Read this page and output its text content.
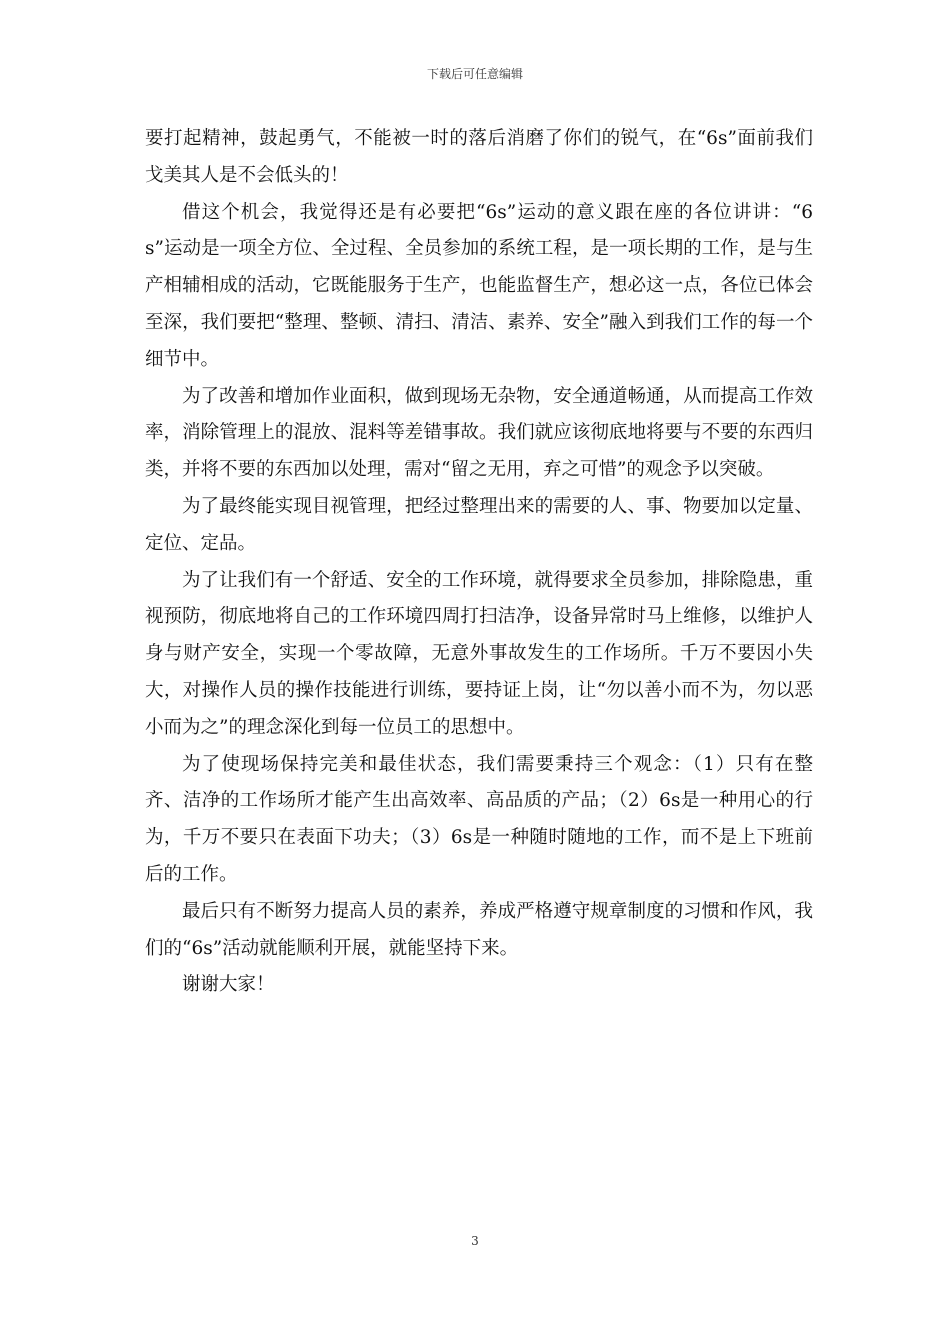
下载后可任意编辑

要打起精神，鼓起勇气，不能被一时的落后消磨了你们的锐气，在“6s”面前我们戈美其人是不会低头的！

借这个机会，我觉得还是有必要把“6s”运动的意义跟在座的各位讲讲：“6s”运动是一项全方位、全过程、全员参加的系统工程，是一项长期的工作，是与生产相辅相成的活动，它既能服务于生产，也能监督生产，想必这一点，各位已体会至深，我们要把“整理、整顿、清扫、清洁、素养、安全”融入到我们工作的每一个细节中。

为了改善和增加作业面积，做到现场无杂物，安全通道畅通，从而提高工作效率，消除管理上的混放、混料等差错事故。我们就应该彻底地将要与不要的东西归类，并将不要的东西加以处理，需对“留之无用，弃之可惜”的观念予以突破。

为了最终能实现目视管理，把经过整理出来的需要的人、事、物要加以定量、定位、定品。

为了让我们有一个舒适、安全的工作环境，就得要求全员参加，排除隐患，重视预防，彻底地将自己的工作环境四周打扫洁净，设备异常时马上维修，以维护人身与财产安全，实现一个零故障，无意外事故发生的工作场所。千万不要因小失大，对操作人员的操作技能进行训练，要持证上岗，让“勿以善小而不为，勿以恶小而为之”的理念深化到每一位员工的思想中。

为了使现场保持完美和最佳状态，我们需要秉持三个观念：（1）只有在整齐、洁净的工作场所才能产生出高效率、高品质的产品；（2）6s是一种用心的行为，千万不要只在表面下功夫；（3）6s是一种随时随地的工作，而不是上下班前后的工作。

最后只有不断努力提高人员的素养，养成严格遵守规章制度的习惯和作风，我们的“6s”活动就能顺利开展，就能坚持下来。

谢谢大家！

3
